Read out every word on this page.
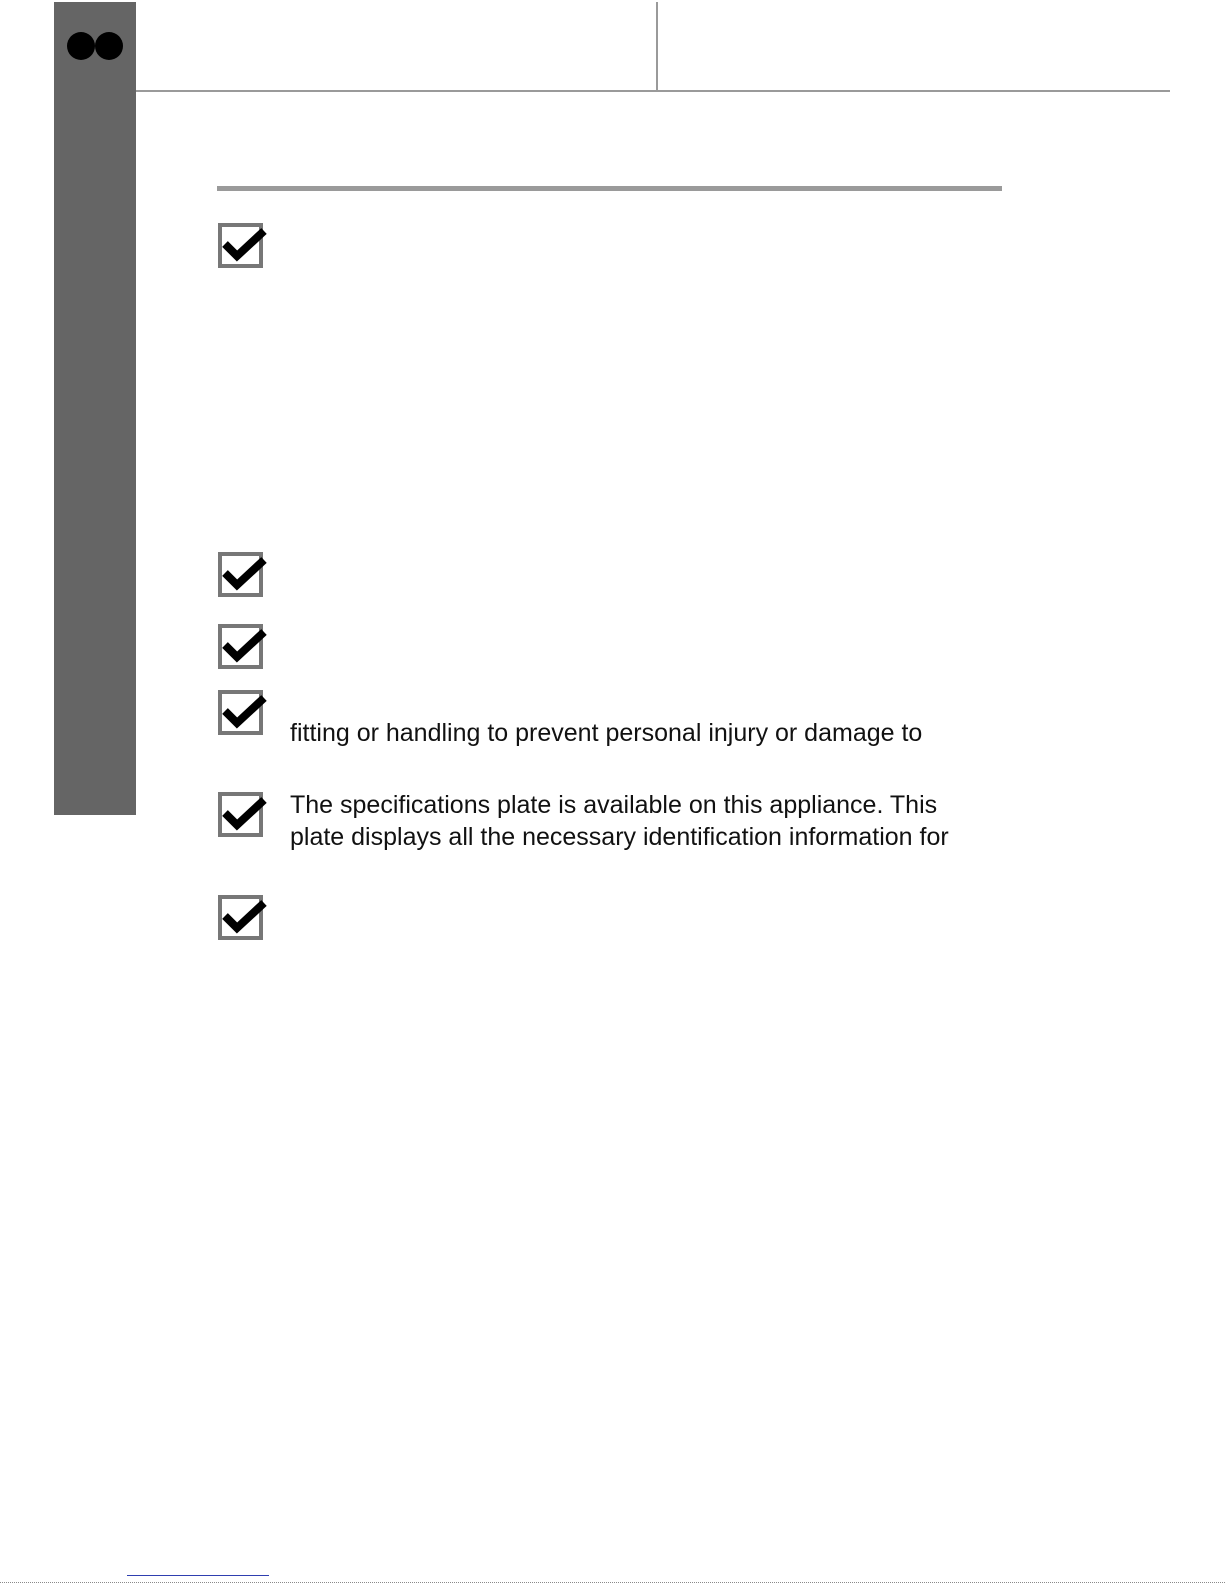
fitting or handling to prevent personal injury or damage to
The specifications plate is available on this appliance. This
plate displays all the necessary identification information for
